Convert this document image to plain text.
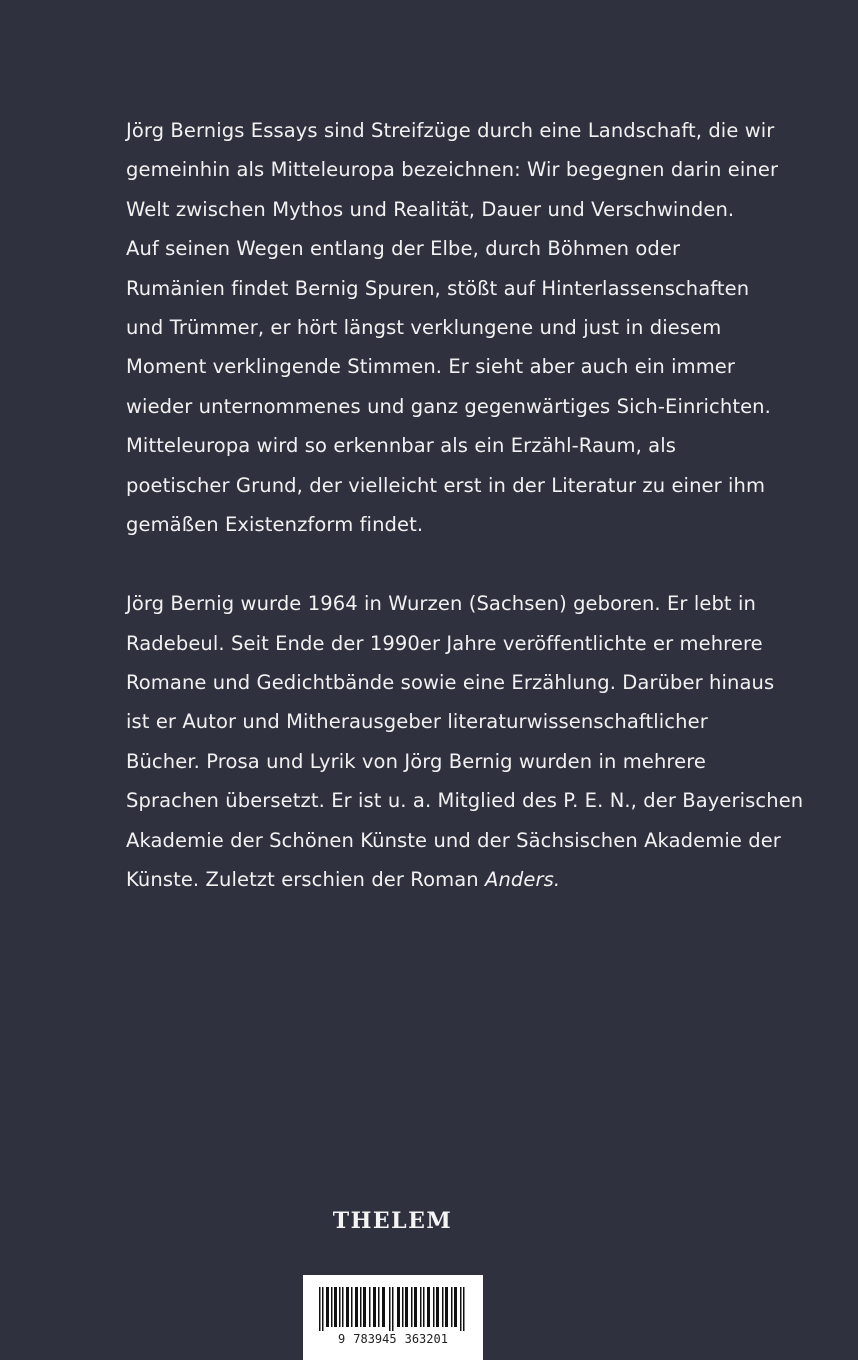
Jörg Bernigs Essays sind Streifzüge durch eine Landschaft, die wir

gemeinhin als Mitteleuropa bezeichnen: Wir begegnen darin einer

Welt zwischen Mythos und Realität, Dauer und Verschwinden.

Auf seinen Wegen entlang der Elbe, durch Böhmen oder

Rumänien findet Bernig Spuren, stößt auf Hinterlassenschaften

und Trümmer, er hört längst verklungene und just in diesem

Moment verklingende Stimmen. Er sieht aber auch ein immer

wieder unternommenes und ganz gegenwärtiges Sich-Einrichten.

Mitteleuropa wird so erkennbar als ein Erzähl-Raum, als

poetischer Grund, der vielleicht erst in der Literatur zu einer ihm

gemäßen Existenzform findet.

Jörg Bernig wurde 1964 in Wurzen (Sachsen) geboren. Er lebt in

Radebeul. Seit Ende der 1990er Jahre veröffentlichte er mehrere

Romane und Gedichtbände sowie eine Erzählung. Darüber hinaus

ist er Autor und Mitherausgeber literaturwissenschaftlicher

Bücher. Prosa und Lyrik von Jörg Bernig wurden in mehrere

Sprachen übersetzt. Er ist u. a. Mitglied des P. E. N., der Bayerischen

Akademie der Schönen Künste und der Sächsischen Akademie der

Künste. Zuletzt erschien der Roman Anders.

THELEM
9 783945 363201
